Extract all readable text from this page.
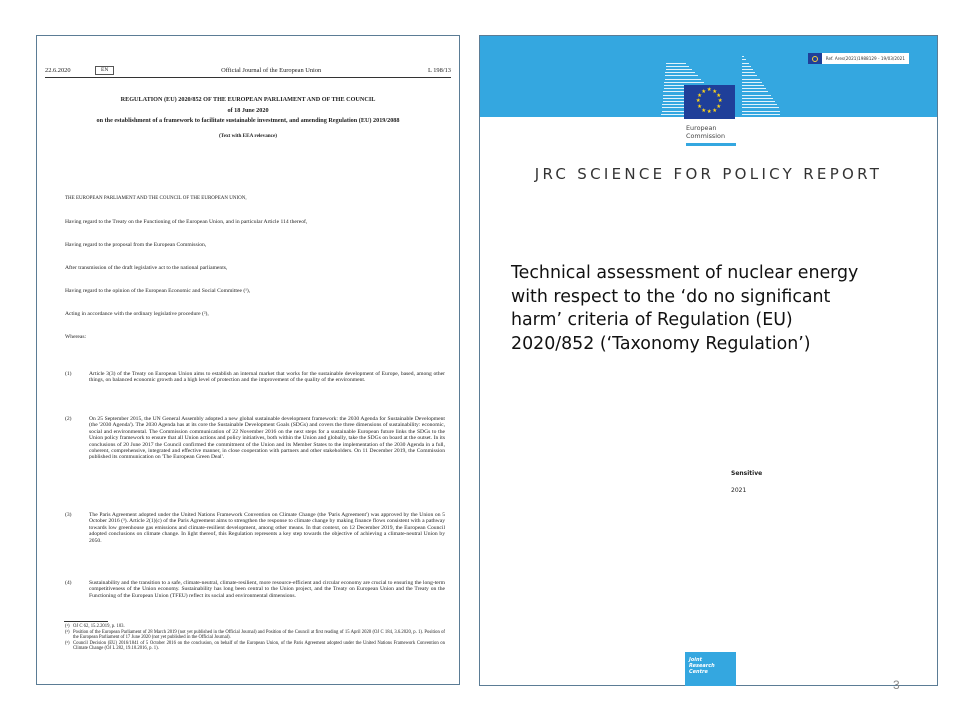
22.6.2020	EN	Official Journal of the European Union	L 198/13
REGULATION (EU) 2020/852 OF THE EUROPEAN PARLIAMENT AND OF THE COUNCIL
of 18 June 2020
on the establishment of a framework to facilitate sustainable investment, and amending Regulation (EU) 2019/2088
(Text with EEA relevance)
THE EUROPEAN PARLIAMENT AND THE COUNCIL OF THE EUROPEAN UNION,
Having regard to the Treaty on the Functioning of the European Union, and in particular Article 114 thereof,
Having regard to the proposal from the European Commission,
After transmission of the draft legislative act to the national parliaments,
Having regard to the opinion of the European Economic and Social Committee (¹),
Acting in accordance with the ordinary legislative procedure (²),
Whereas:
(1)	Article 3(3) of the Treaty on European Union aims to establish an internal market that works for the sustainable development of Europe, based, among other things, on balanced economic growth and a high level of protection and the improvement of the quality of the environment.
(2)	On 25 September 2015, the UN General Assembly adopted a new global sustainable development framework: the 2030 Agenda for Sustainable Development (the '2030 Agenda'). The 2030 Agenda has at its core the Sustainable Development Goals (SDGs) and covers the three dimensions of sustainability: economic, social and environmental. The Commission communication of 22 November 2016 on the next steps for a sustainable European future links the SDGs to the Union policy framework to ensure that all Union actions and policy initiatives, both within the Union and globally, take the SDGs on board at the outset. In its conclusions of 20 June 2017 the Council confirmed the commitment of the Union and its Member States to the implementation of the 2030 Agenda in a full, coherent, comprehensive, integrated and effective manner, in close cooperation with partners and other stakeholders. On 11 December 2019, the Commission published its communication on 'The European Green Deal'.
(3)	The Paris Agreement adopted under the United Nations Framework Convention on Climate Change (the 'Paris Agreement') was approved by the Union on 5 October 2016 (³). Article 2(1)(c) of the Paris Agreement aims to strengthen the response to climate change by making finance flows consistent with a pathway towards low greenhouse gas emissions and climate-resilient development, among other means. In that context, on 12 December 2019, the European Council adopted conclusions on climate change. In light thereof, this Regulation represents a key step towards the objective of achieving a climate-neutral Union by 2050.
(4)	Sustainability and the transition to a safe, climate-neutral, climate-resilient, more resource-efficient and circular economy are crucial to ensuring the long-term competitiveness of the Union economy. Sustainability has long been central to the Union project, and the Treaty on European Union and the Treaty on the Functioning of the European Union (TFEU) reflect its social and environmental dimensions.
(¹) OJ C 62, 15.2.2019, p. 103.
(²) Position of the European Parliament of 28 March 2019 (not yet published in the Official Journal) and Position of the Council at first reading of 15 April 2020 (OJ C 184, 3.6.2020, p. 1). Position of the European Parliament of 17 June 2020 (not yet published in the Official Journal).
(³) Council Decision (EU) 2016/1841 of 5 October 2016 on the conclusion, on behalf of the European Union, of the Paris Agreement adopted under the United Nations Framework Convention on Climate Change (OJ L 282, 19.10.2016, p. 1).
Ref. Ares(2021)1988129 - 19/03/2021
★ ★
★
★
★
★
★
★
★
★
★
★
European
Commission
JRC SCIENCE FOR POLICY REPORT
Technical assessment of nuclear energy
with respect to the ‘do no significant
harm’ criteria of Regulation (EU)
2020/852 (‘Taxonomy Regulation’)
Sensitive
2021
Joint
Research
Centre
3
